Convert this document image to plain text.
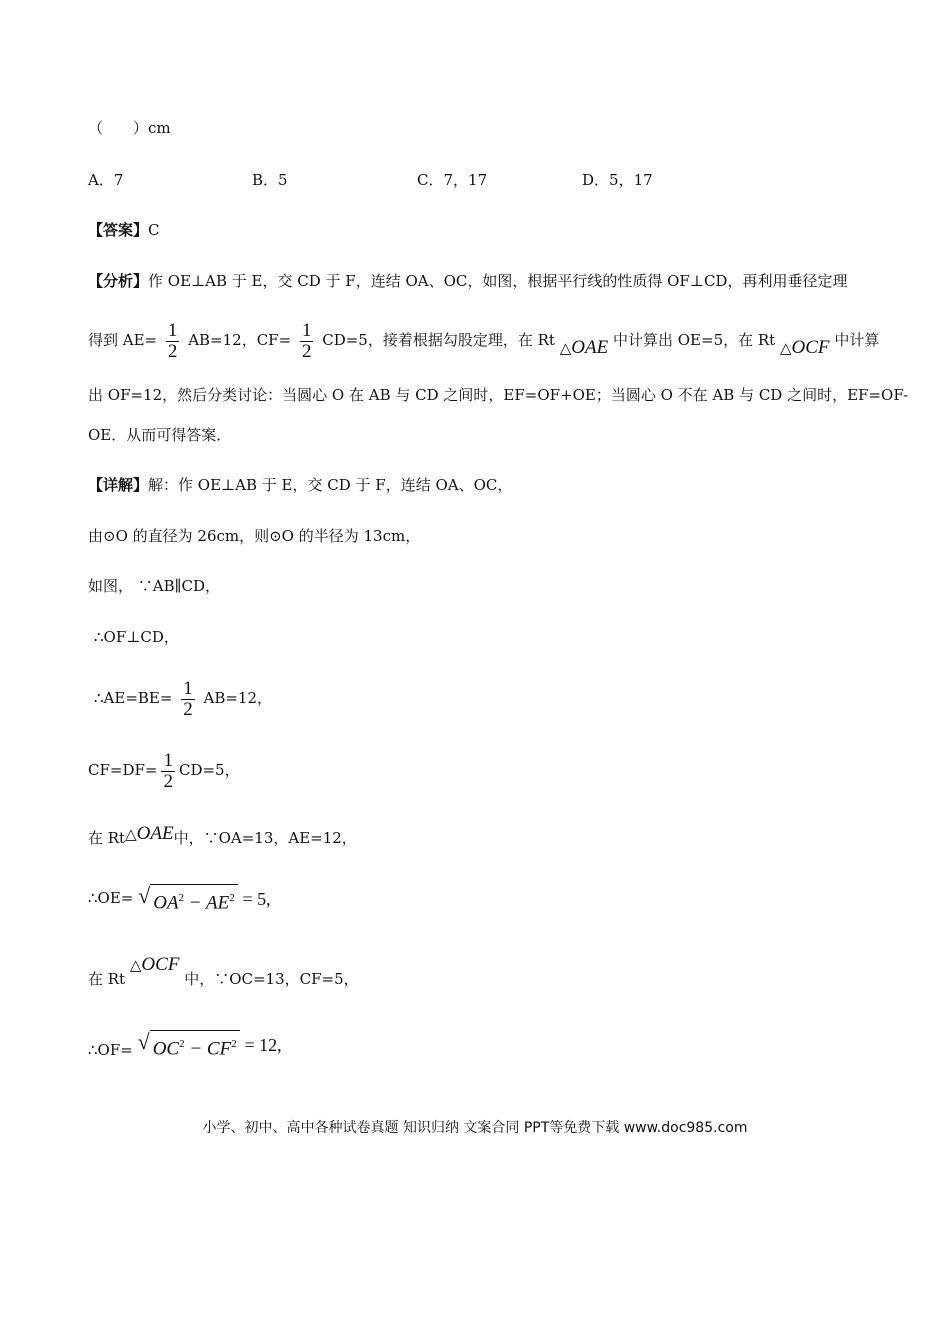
（　　）cm
A．7	B．5	C．7，17	D．5，17
【答案】C
【分析】作 OE⊥AB 于 E，交 CD 于 F，连结 OA、OC，如图，根据平行线的性质得 OF⊥CD，再利用垂径定理
得到 $AE= \frac{1}{2} AB=12$，$CF= \frac{1}{2} CD=5$，接着根据勾股定理，在 Rt △OAE 中计算出 OE=5，在 Rt △OCF 中计算
出 OF=12，然后分类讨论：当圆心 O 在 AB 与 CD 之间时，EF=OF+OE；当圆心 O 不在 AB 与 CD 之间时，EF=OF-
OE．从而可得答案．
【详解】解：作 OE⊥AB 于 E，交 CD 于 F，连结 OA、OC，
由⊙O 的直径为 26cm，则⊙O 的半径为 13cm，
如图， ∵AB∥CD，
∴OF⊥CD，
∴AE=BE= $\frac{1}{2} AB=12$，
$CF=DF= \frac{1}{2} CD=5$，
在 Rt△OAE中，∵OA=13，AE=12，
∴OE= √ $OA^2 - AE^2 = 5$,
在 Rt △OCF 中，∵OC=13，CF=5，
∴OF= √ $OC^2 - CF^2 = 12$,
小学、初中、高中各种试卷真题 知识归纳 文案合同 PPT等免费下载 www.doc985.com
